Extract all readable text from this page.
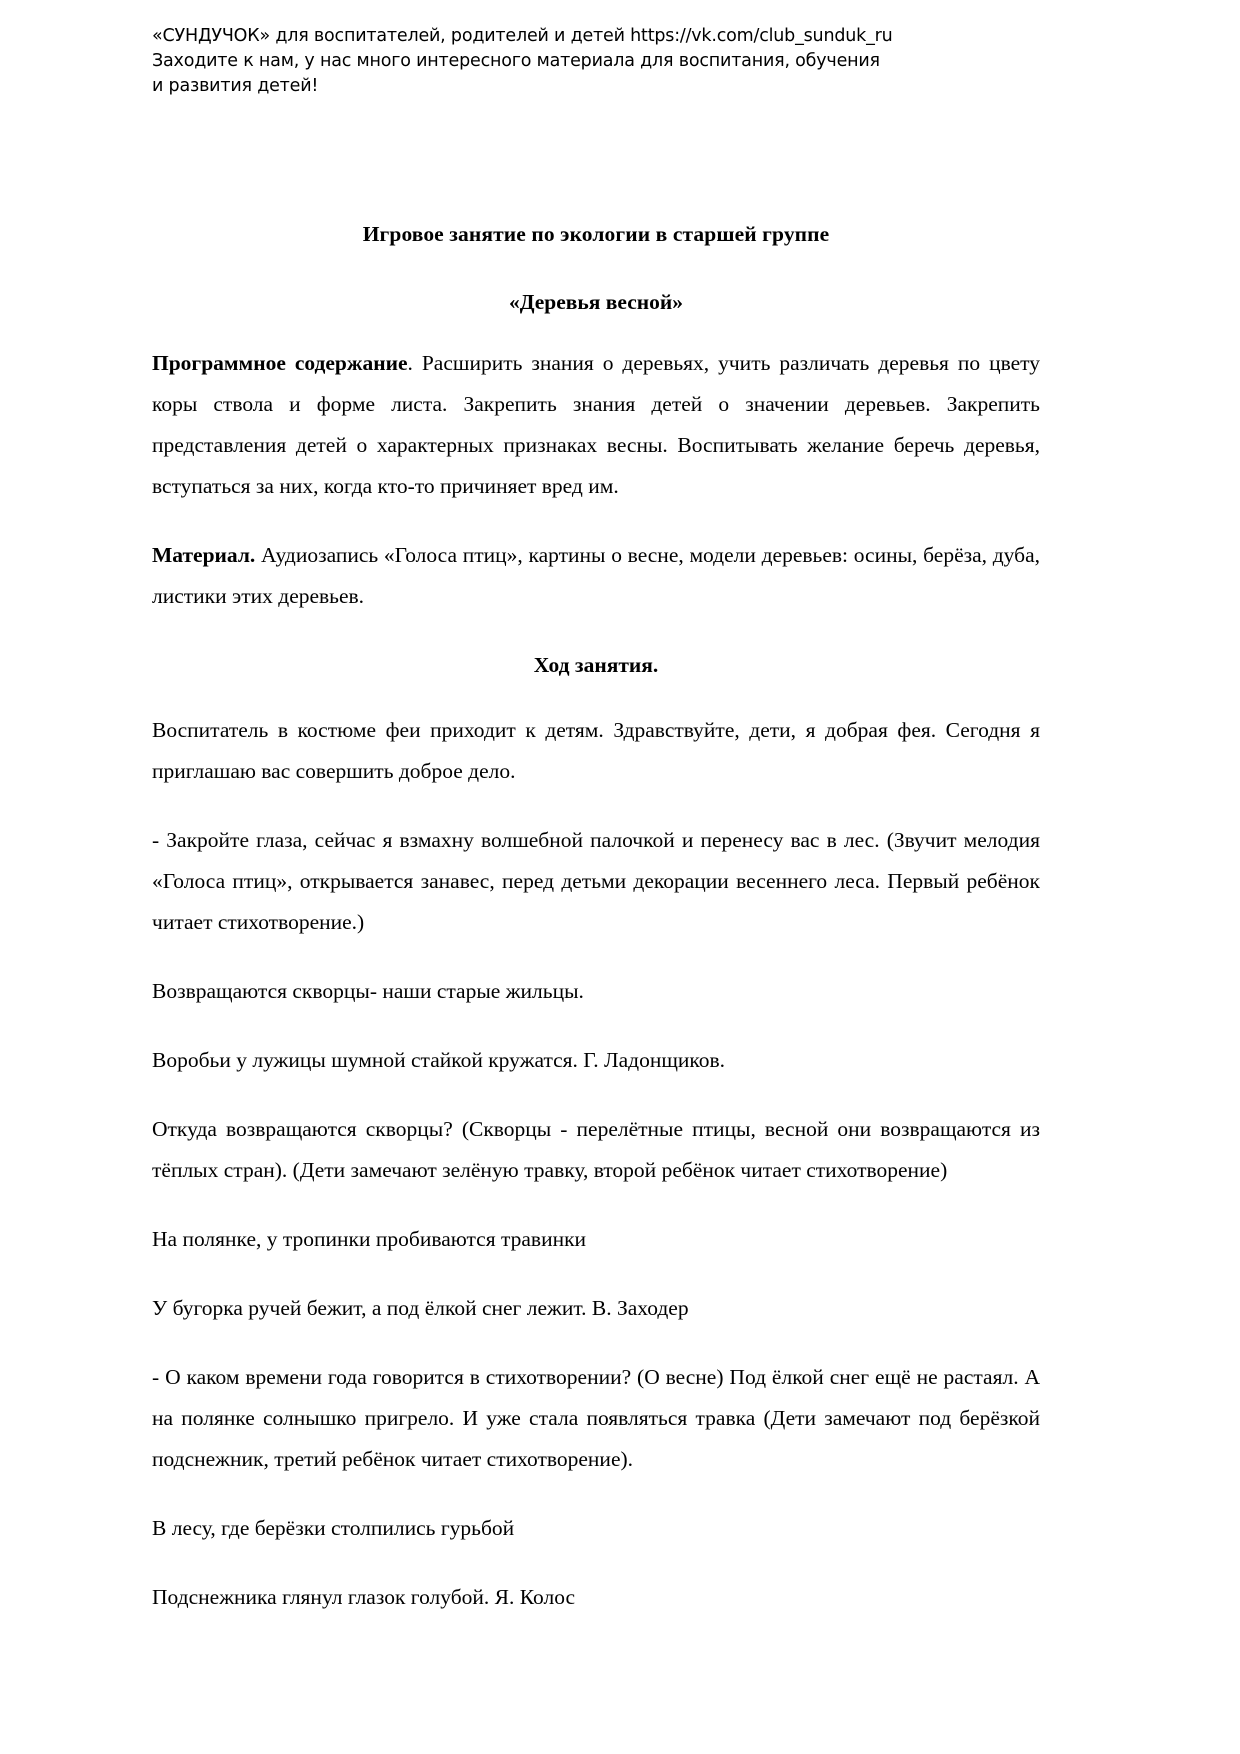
«СУНДУЧОК» для воспитателей, родителей и детей https://vk.com/club_sunduk_ru
Заходите к нам, у нас много интересного материала для воспитания, обучения
и развития детей!
Игровое занятие по экологии в старшей группе
«Деревья весной»

Программное содержание. Расширить знания о деревьях, учить различать деревья по цвету коры ствола и форме листа. Закрепить знания детей о значении деревьев. Закрепить представления детей о характерных признаках весны. Воспитывать желание беречь деревья, вступаться за них, когда кто-то причиняет вред им.

Материал. Аудиозапись «Голоса птиц», картины о весне, модели деревьев: осины, берёза, дуба, листики этих деревьев.

Ход занятия.

Воспитатель в костюме феи приходит к детям. Здравствуйте, дети, я добрая фея. Сегодня я приглашаю вас совершить доброе дело.

- Закройте глаза, сейчас я взмахну волшебной палочкой и перенесу вас в лес. (Звучит мелодия «Голоса птиц», открывается занавес, перед детьми декорации весеннего леса. Первый ребёнок читает стихотворение.)

Возвращаются скворцы- наши старые жильцы.

Воробьи у лужицы шумной стайкой кружатся. Г. Ладонщиков.

Откуда возвращаются скворцы? (Скворцы - перелётные птицы, весной они возвращаются из тёплых стран). (Дети замечают зелёную травку, второй ребёнок читает стихотворение)

На полянке, у тропинки пробиваются травинки

У бугорка ручей бежит, а под ёлкой снег лежит. В. Заходер

- О каком времени года говорится в стихотворении? (О весне) Под ёлкой снег ещё не растаял. А на полянке солнышко пригрело. И уже стала появляться травка (Дети замечают под берёзкой подснежник, третий ребёнок читает стихотворение).

В лесу, где берёзки столпились гурьбой

Подснежника глянул глазок голубой. Я. Колос
